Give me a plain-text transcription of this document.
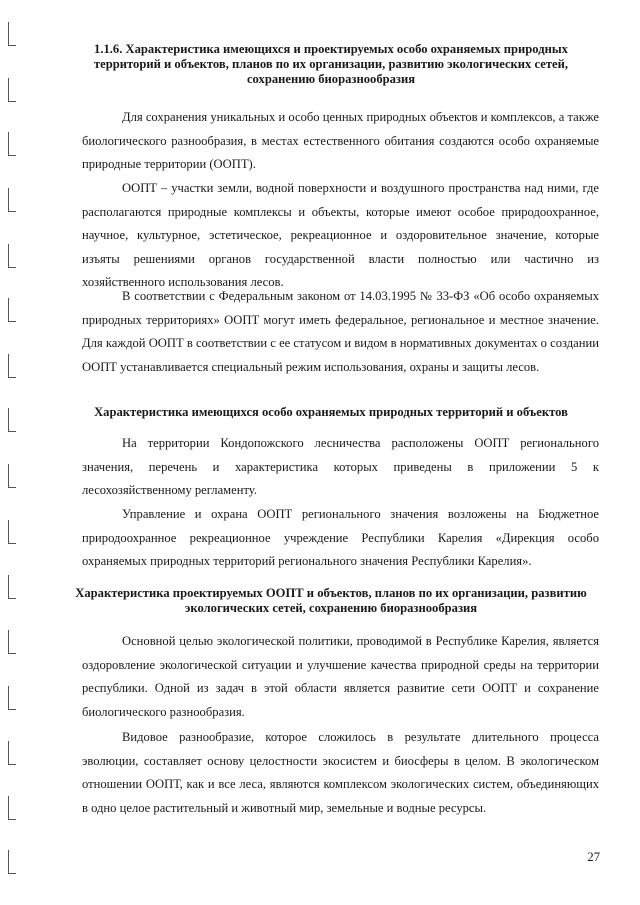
1.1.6. Характеристика имеющихся и проектируемых особо охраняемых природных территорий и объектов, планов по их организации, развитию экологических сетей, сохранению биоразнообразия

Для сохранения уникальных и особо ценных природных объектов и комплексов, а также биологического разнообразия, в местах естественного обитания создаются особо охраняемые природные территории (ООПТ).

ООПТ – участки земли, водной поверхности и воздушного пространства над ними, где располагаются природные комплексы и объекты, которые имеют особое природоохранное, научное, культурное, эстетическое, рекреационное и оздоровительное значение, которые изъяты решениями органов государственной власти полностью или частично из хозяйственного использования лесов.

В соответствии с Федеральным законом от 14.03.1995 № 33-ФЗ «Об особо охраняемых природных территориях» ООПТ могут иметь федеральное, региональное и местное значение. Для каждой ООПТ в соответствии с ее статусом и видом в нормативных документах о создании ООПТ устанавливается специальный режим использования, охраны и защиты лесов.

Характеристика имеющихся особо охраняемых природных территорий и объектов

На территории Кондопожского лесничества расположены ООПТ регионального значения, перечень и характеристика которых приведены в приложении 5 к лесохозяйственному регламенту.

Управление и охрана ООПТ регионального значения возложены на Бюджетное природоохранное рекреационное учреждение Республики Карелия «Дирекция особо охраняемых природных территорий регионального значения Республики Карелия».

Характеристика проектируемых ООПТ и объектов, планов по их организации, развитию экологических сетей, сохранению биоразнообразия

Основной целью экологической политики, проводимой в Республике Карелия, является оздоровление экологической ситуации и улучшение качества природной среды на территории республики. Одной из задач в этой области является развитие сети ООПТ и сохранение биологического разнообразия.

Видовое разнообразие, которое сложилось в результате длительного процесса эволюции, составляет основу целостности экосистем и биосферы в целом. В экологическом отношении ООПТ, как и все леса, являются комплексом экологических систем, объединяющих в одно целое растительный и животный мир, земельные и водные ресурсы.

27
